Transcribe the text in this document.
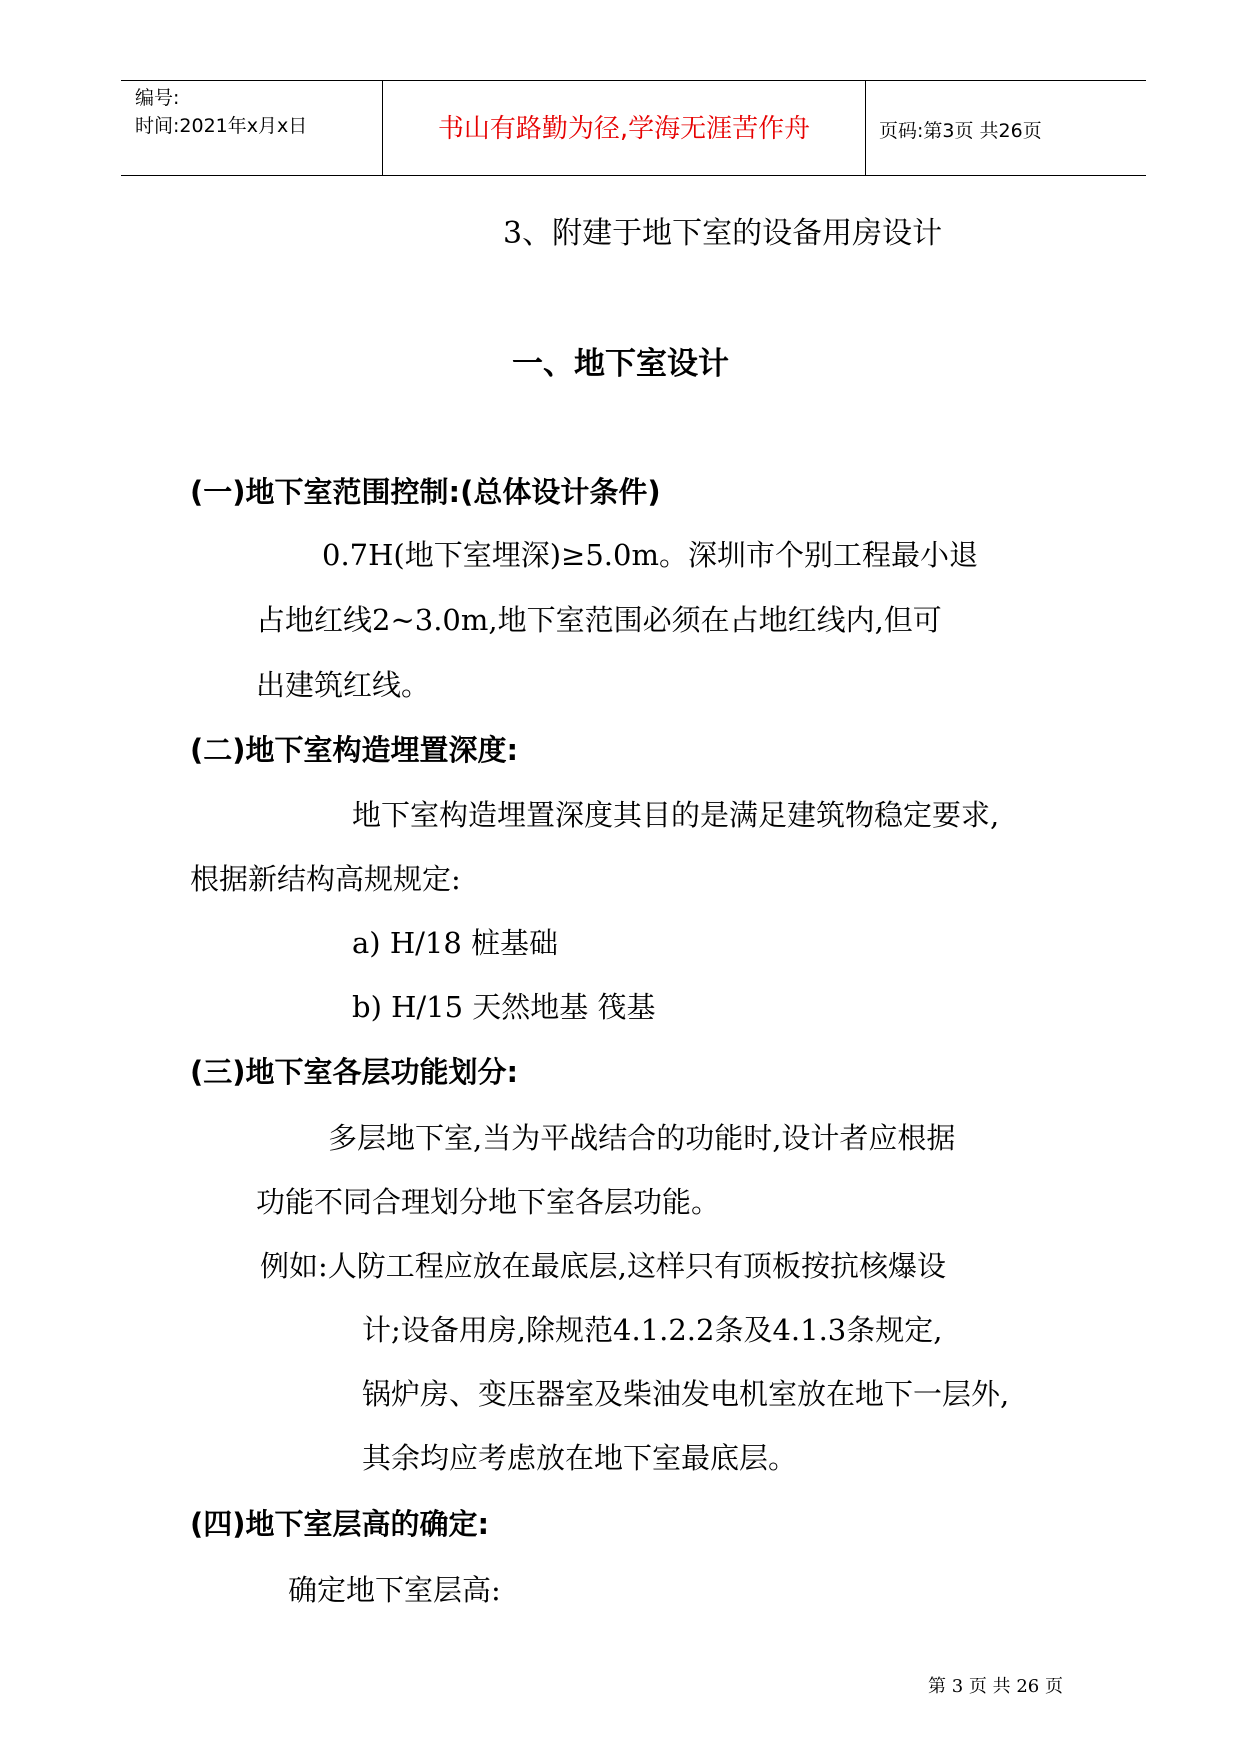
编号:
时间:2021年x月x日	书山有路勤为径,学海无涯苦作舟	页码:第3页 共26页
3、附建于地下室的设备用房设计
一、地下室设计
(一)地下室范围控制:(总体设计条件)
0.7H(地下室埋深)≥5.0m。深圳市个别工程最小退
占地红线2~3.0m,地下室范围必须在占地红线内,但可
出建筑红线。
(二)地下室构造埋置深度:
地下室构造埋置深度其目的是满足建筑物稳定要求,
根据新结构高规规定:
a) H/18 桩基础
b) H/15 天然地基 筏基
(三)地下室各层功能划分:
多层地下室,当为平战结合的功能时,设计者应根据
功能不同合理划分地下室各层功能。
例如:人防工程应放在最底层,这样只有顶板按抗核爆设
计;设备用房,除规范4.1.2.2条及4.1.3条规定,
锅炉房、变压器室及柴油发电机室放在地下一层外,
其余均应考虑放在地下室最底层。
(四)地下室层高的确定:
确定地下室层高:
第 3 页 共 26 页
